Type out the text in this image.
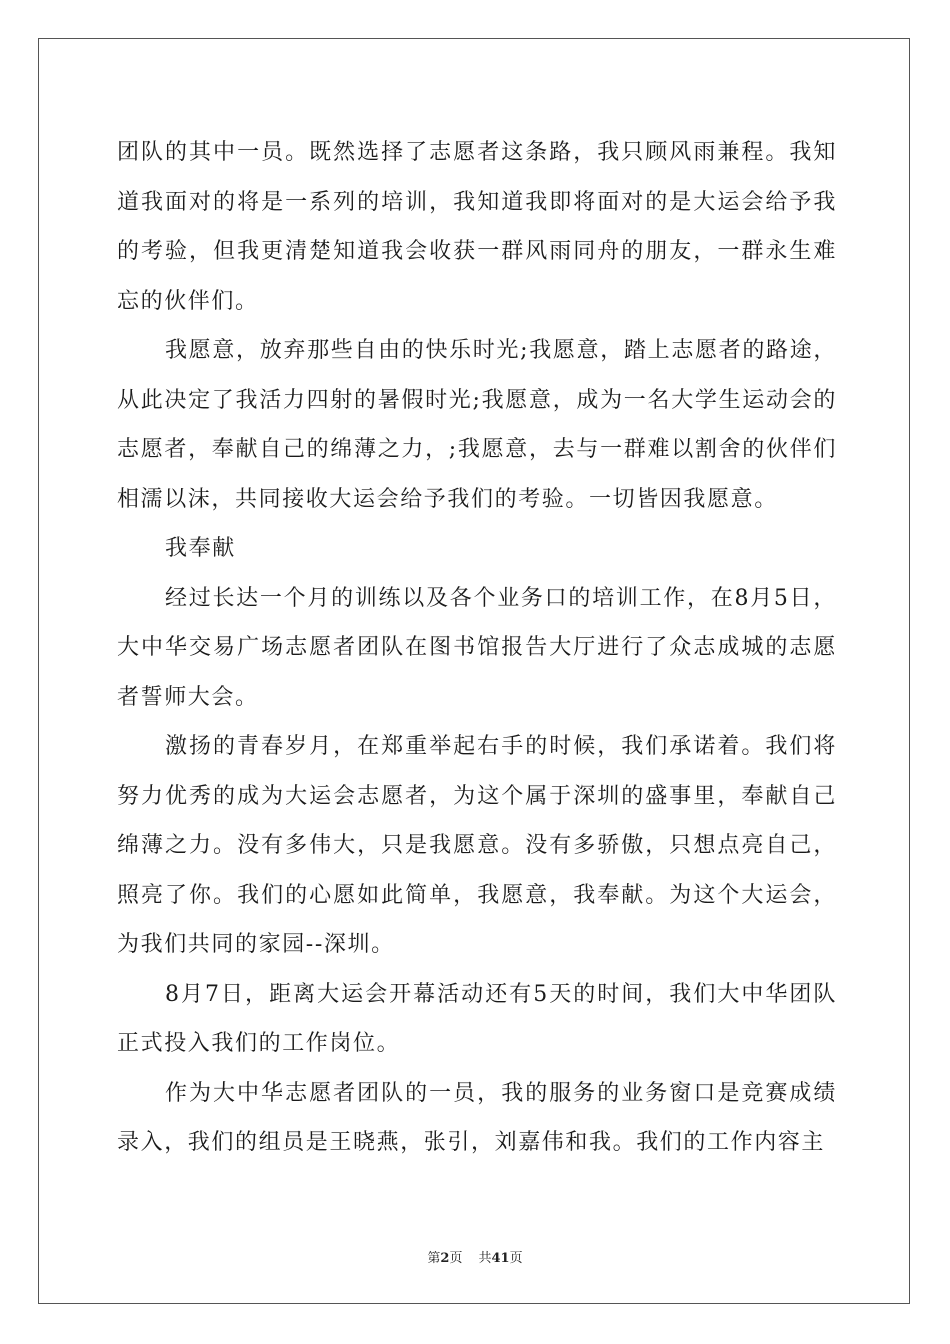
团队的其中一员。既然选择了志愿者这条路，我只顾风雨兼程。我知道我面对的将是一系列的培训，我知道我即将面对的是大运会给予我的考验，但我更清楚知道我会收获一群风雨同舟的朋友，一群永生难忘的伙伴们。

我愿意，放弃那些自由的快乐时光;我愿意，踏上志愿者的路途，从此决定了我活力四射的暑假时光;我愿意，成为一名大学生运动会的志愿者，奉献自己的绵薄之力，;我愿意，去与一群难以割舍的伙伴们相濡以沫，共同接收大运会给予我们的考验。一切皆因我愿意。

我奉献

经过长达一个月的训练以及各个业务口的培训工作，在8月5日，大中华交易广场志愿者团队在图书馆报告大厅进行了众志成城的志愿者誓师大会。

激扬的青春岁月，在郑重举起右手的时候，我们承诺着。我们将努力优秀的成为大运会志愿者，为这个属于深圳的盛事里，奉献自己绵薄之力。没有多伟大，只是我愿意。没有多骄傲，只想点亮自己，照亮了你。我们的心愿如此简单，我愿意，我奉献。为这个大运会，为我们共同的家园--深圳。

8月7日，距离大运会开幕活动还有5天的时间，我们大中华团队正式投入我们的工作岗位。

作为大中华志愿者团队的一员，我的服务的业务窗口是竞赛成绩录入，我们的组员是王晓燕，张引，刘嘉伟和我。我们的工作内容主

第2页 共41页
